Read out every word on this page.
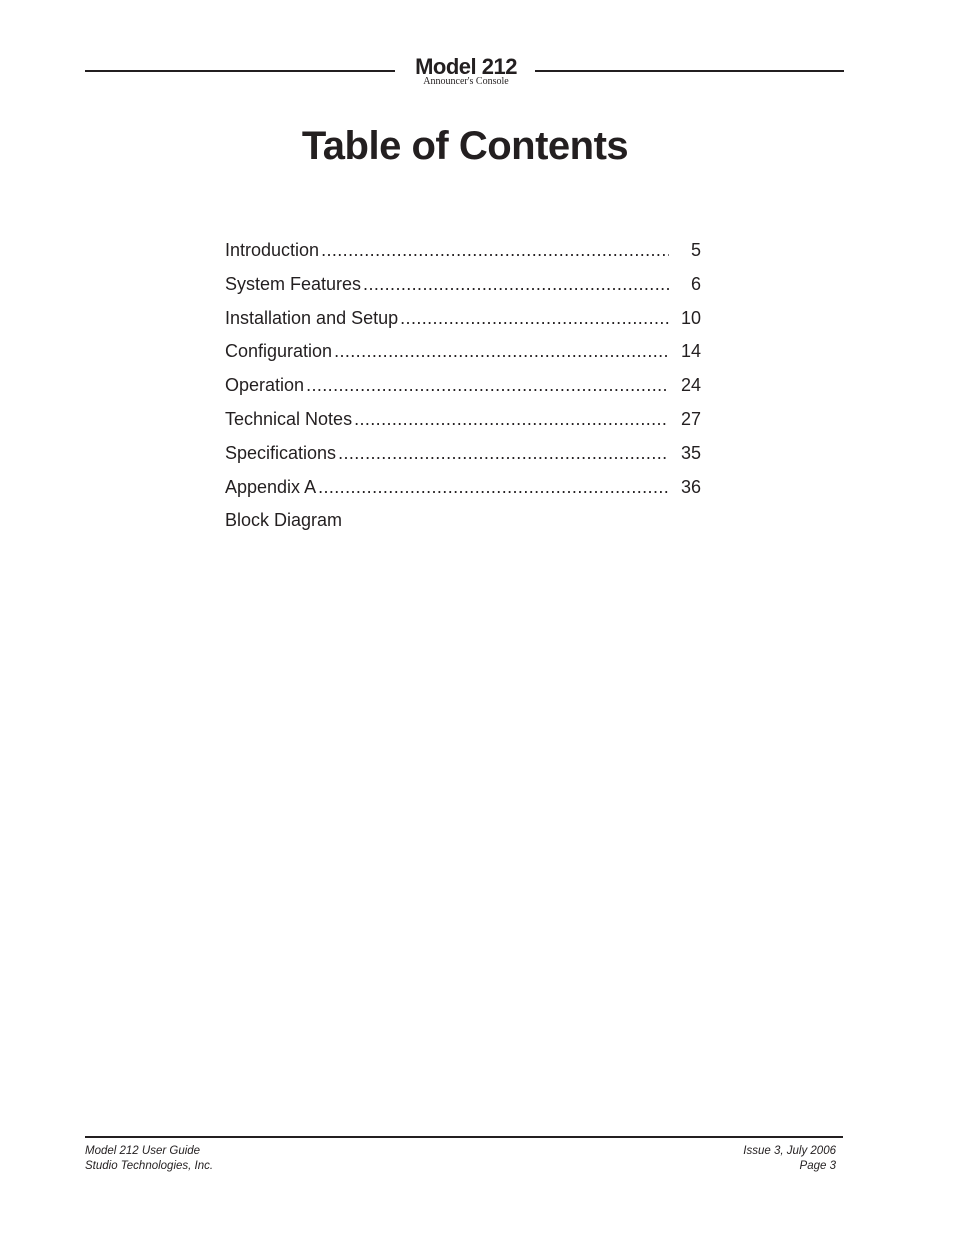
Model 212
Announcer's Console
Table of Contents
Introduction .....	5
System Features .....	6
Installation and Setup .....	10
Configuration .....	14
Operation .....	24
Technical Notes .....	27
Specifications .....	35
Appendix A .....	36
Block Diagram
Model 212 User Guide
Studio Technologies, Inc.
Issue 3, July 2006
Page 3
